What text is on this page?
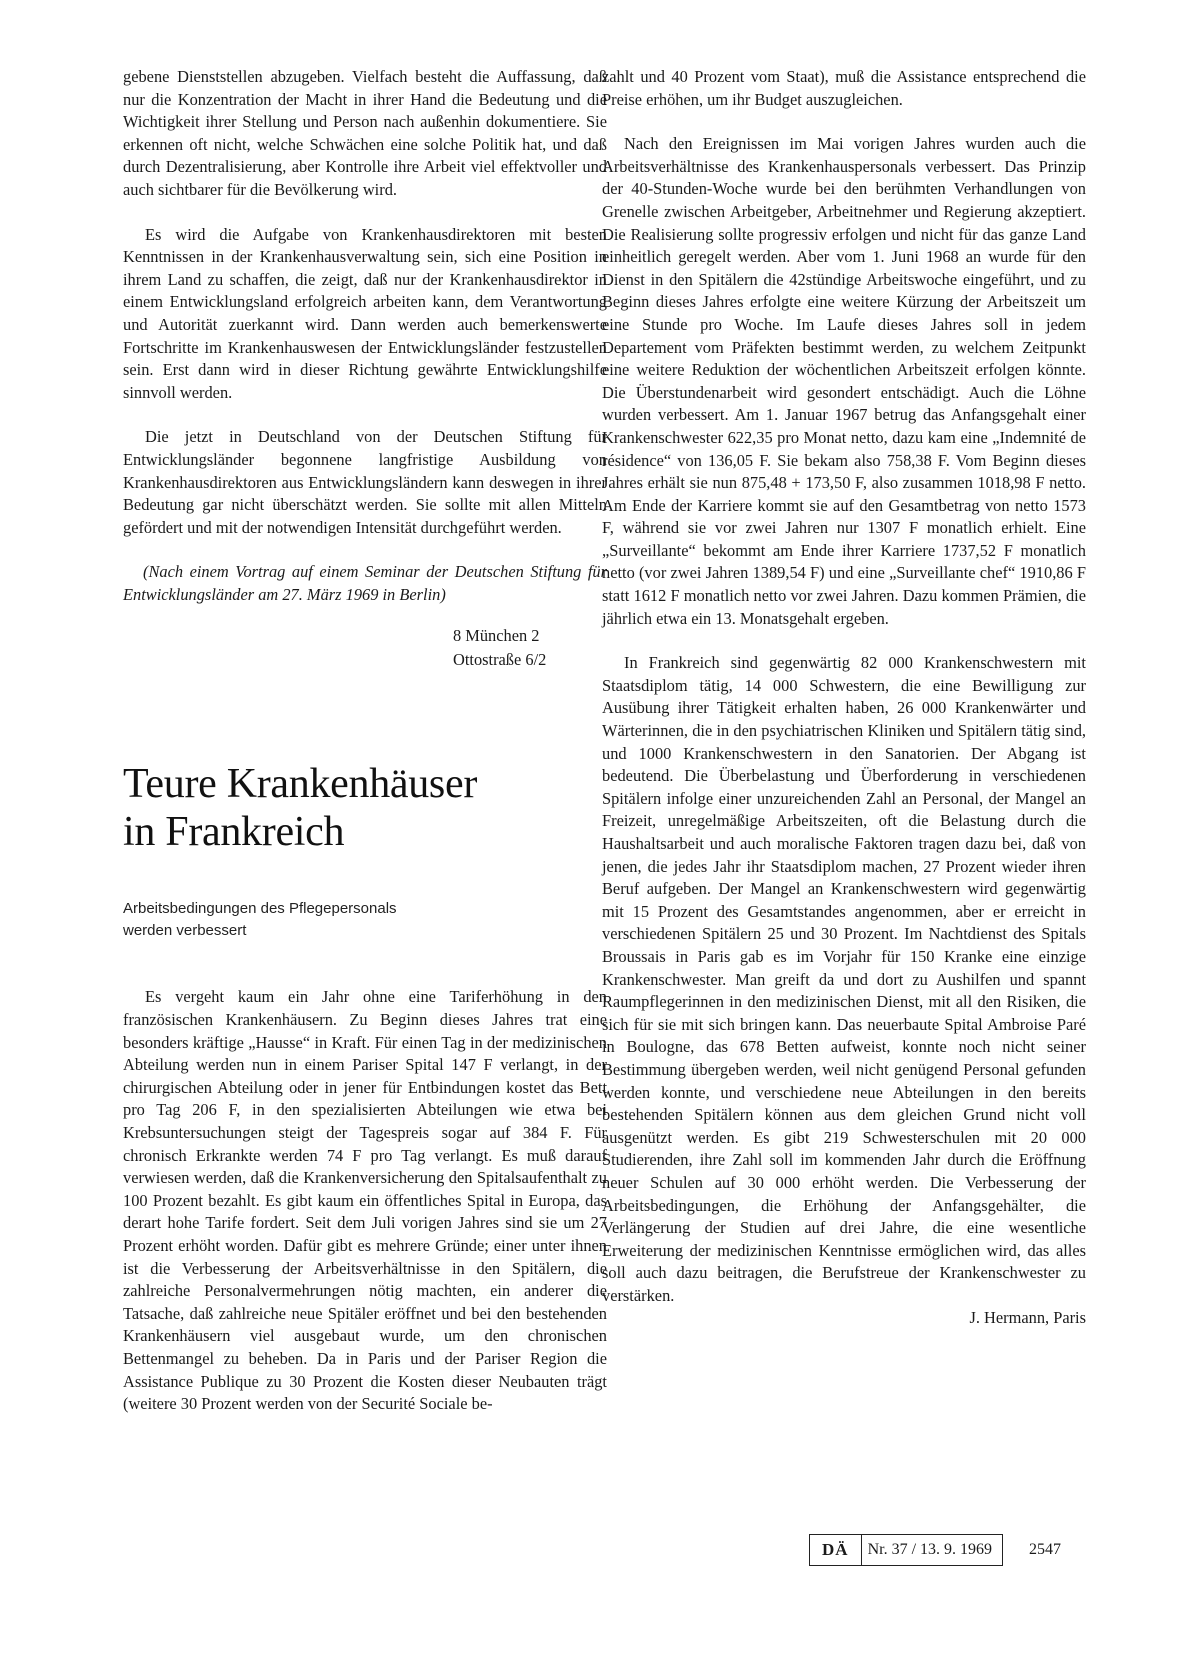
gebene Dienststellen abzugeben. Vielfach besteht die Auffassung, daß nur die Konzentration der Macht in ihrer Hand die Bedeutung und die Wichtigkeit ihrer Stellung und Person nach außenhin dokumentiere. Sie erkennen oft nicht, welche Schwächen eine solche Politik hat, und daß durch Dezentralisierung, aber Kontrolle ihre Arbeit viel effektvoller und auch sichtbarer für die Bevölkerung wird.

Es wird die Aufgabe von Krankenhausdirektoren mit besten Kenntnissen in der Krankenhausverwaltung sein, sich eine Position in ihrem Land zu schaffen, die zeigt, daß nur der Krankenhausdirektor in einem Entwicklungsland erfolgreich arbeiten kann, dem Verantwortung und Autorität zuerkannt wird. Dann werden auch bemerkenswerte Fortschritte im Krankenhauswesen der Entwicklungsländer festzustellen sein. Erst dann wird in dieser Richtung gewährte Entwicklungshilfe sinnvoll werden.

Die jetzt in Deutschland von der Deutschen Stiftung für Entwicklungsländer begonnene langfristige Ausbildung von Krankenhausdirektoren aus Entwicklungsländern kann deswegen in ihrer Bedeutung gar nicht überschätzt werden. Sie sollte mit allen Mitteln gefördert und mit der notwendigen Intensität durchgeführt werden.

(Nach einem Vortrag auf einem Seminar der Deutschen Stiftung für Entwicklungsländer am 27. März 1969 in Berlin)

8 München 2
Ottostraße 6/2
Teure Krankenhäuser
in Frankreich
Arbeitsbedingungen des Pflegepersonals
werden verbessert

Es vergeht kaum ein Jahr ohne eine Tariferhöhung in den französischen Krankenhäusern. Zu Beginn dieses Jahres trat eine besonders kräftige „Hausse“ in Kraft. Für einen Tag in der medizinischen Abteilung werden nun in einem Pariser Spital 147 F verlangt, in der chirurgischen Abteilung oder in jener für Entbindungen kostet das Bett pro Tag 206 F, in den spezialisierten Abteilungen wie etwa bei Krebsuntersuchungen steigt der Tagespreis sogar auf 384 F. Für chronisch Erkrankte werden 74 F pro Tag verlangt. Es muß darauf verwiesen werden, daß die Krankenversicherung den Spitalsaufenthalt zu 100 Prozent bezahlt. Es gibt kaum ein öffentliches Spital in Europa, das derart hohe Tarife fordert. Seit dem Juli vorigen Jahres sind sie um 27 Prozent erhöht worden. Dafür gibt es mehrere Gründe; einer unter ihnen ist die Verbesserung der Arbeitsverhältnisse in den Spitälern, die zahlreiche Personalvermehrungen nötig machten, ein anderer die Tatsache, daß zahlreiche neue Spitäler eröffnet und bei den bestehenden Krankenhäusern viel ausgebaut wurde, um den chronischen Bettenmangel zu beheben. Da in Paris und der Pariser Region die Assistance Publique zu 30 Prozent die Kosten dieser Neubauten trägt (weitere 30 Prozent werden von der Securité Sociale be-

zahlt und 40 Prozent vom Staat), muß die Assistance entsprechend die Preise erhöhen, um ihr Budget auszugleichen.

Nach den Ereignissen im Mai vorigen Jahres wurden auch die Arbeitsverhältnisse des Krankenhauspersonals verbessert. Das Prinzip der 40-Stunden-Woche wurde bei den berühmten Verhandlungen von Grenelle zwischen Arbeitgeber, Arbeitnehmer und Regierung akzeptiert. Die Realisierung sollte progressiv erfolgen und nicht für das ganze Land einheitlich geregelt werden. Aber vom 1. Juni 1968 an wurde für den Dienst in den Spitälern die 42stündige Arbeitswoche eingeführt, und zu Beginn dieses Jahres erfolgte eine weitere Kürzung der Arbeitszeit um eine Stunde pro Woche. Im Laufe dieses Jahres soll in jedem Departement vom Präfekten bestimmt werden, zu welchem Zeitpunkt eine weitere Reduktion der wöchentlichen Arbeitszeit erfolgen könnte. Die Überstundenarbeit wird gesondert entschädigt. Auch die Löhne wurden verbessert. Am 1. Januar 1967 betrug das Anfangsgehalt einer Krankenschwester 622,35 pro Monat netto, dazu kam eine „Indemnité de résidence“ von 136,05 F. Sie bekam also 758,38 F. Vom Beginn dieses Jahres erhält sie nun 875,48 + 173,50 F, also zusammen 1018,98 F netto. Am Ende der Karriere kommt sie auf den Gesamtbetrag von netto 1573 F, während sie vor zwei Jahren nur 1307 F monatlich erhielt. Eine „Surveillante“ bekommt am Ende ihrer Karriere 1737,52 F monatlich netto (vor zwei Jahren 1389,54 F) und eine „Surveillante chef“ 1910,86 F statt 1612 F monatlich netto vor zwei Jahren. Dazu kommen Prämien, die jährlich etwa ein 13. Monatsgehalt ergeben.

In Frankreich sind gegenwärtig 82 000 Krankenschwestern mit Staatsdiplom tätig, 14 000 Schwestern, die eine Bewilligung zur Ausübung ihrer Tätigkeit erhalten haben, 26 000 Krankenwärter und Wärterinnen, die in den psychiatrischen Kliniken und Spitälern tätig sind, und 1000 Krankenschwestern in den Sanatorien. Der Abgang ist bedeutend. Die Überbelastung und Überforderung in verschiedenen Spitälern infolge einer unzureichenden Zahl an Personal, der Mangel an Freizeit, unregelmäßige Arbeitszeiten, oft die Belastung durch die Haushaltsarbeit und auch moralische Faktoren tragen dazu bei, daß von jenen, die jedes Jahr ihr Staatsdiplom machen, 27 Prozent wieder ihren Beruf aufgeben. Der Mangel an Krankenschwestern wird gegenwärtig mit 15 Prozent des Gesamtstandes angenommen, aber er erreicht in verschiedenen Spitälern 25 und 30 Prozent. Im Nachtdienst des Spitals Broussais in Paris gab es im Vorjahr für 150 Kranke eine einzige Krankenschwester. Man greift da und dort zu Aushilfen und spannt Raumpflegerinnen in den medizinischen Dienst, mit all den Risiken, die sich für sie mit sich bringen kann. Das neuerbaute Spital Ambroise Paré in Boulogne, das 678 Betten aufweist, konnte noch nicht seiner Bestimmung übergeben werden, weil nicht genügend Personal gefunden werden konnte, und verschiedene neue Abteilungen in den bereits bestehenden Spitälern können aus dem gleichen Grund nicht voll ausgenützt werden. Es gibt 219 Schwesterschulen mit 20 000 Studierenden, ihre Zahl soll im kommenden Jahr durch die Eröffnung neuer Schulen auf 30 000 erhöht werden. Die Verbesserung der Arbeitsbedingungen, die Erhöhung der Anfangsgehälter, die Verlängerung der Studien auf drei Jahre, die eine wesentliche Erweiterung der medizinischen Kenntnisse ermöglichen wird, das alles soll auch dazu beitragen, die Berufstreue der Krankenschwester zu verstärken.

J. Hermann, Paris
DÄ	Nr. 37 / 13. 9. 1969	2547
